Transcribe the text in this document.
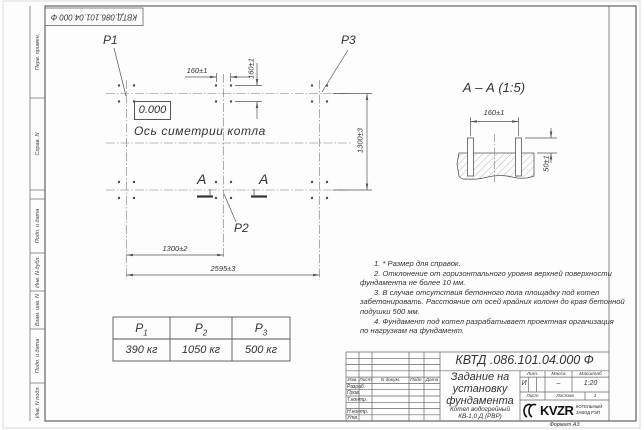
КВТД.086.101.04.000 Ф
Перв. примен.
Справ. N
Подп. и дата
Инв. N дубл.
Взам. инв. N
Подп. и дата
Инв. N подл.
Р1	Р3
Р2
0.000
Ось симетрии котла
А	А
160±1	160±1
1300±3
1300±2
2595±3
А – А (1:5)
160±1
50±1
$Р_1$	$Р_2$	$Р_3$
390 кг	1050 кг	500 кг
1. * Размер для справок.
2. Отклонение от горизонтального уровня верхней поверхности
фундамента не более 10 мм.
3. В случае отсутствия бетонного пола площадку под котел
забетонировать. Расстояние от осей крайних колонн до края бетонной
подушки 500 мм.
4. Фундамент под котел разрабатывает проектная организация
по нагрузкам на фундамент.
КВТД .086.101.04.000 Ф
Задание на
установку
фундамента
Котел водогрейный
КВ-1,0 Д (РВР)
Изм. Лист	N докум.	Подп. Дата
Разраб.
Пров.
Т.контр.
Н.контр.
Утв.
Лит.	Масса	Масштаб
И	–	1:20
Лист	Листов	1
KVZR КОТЕЛЬНЫЙ
ЗАВОД РЭП
Формат А3
